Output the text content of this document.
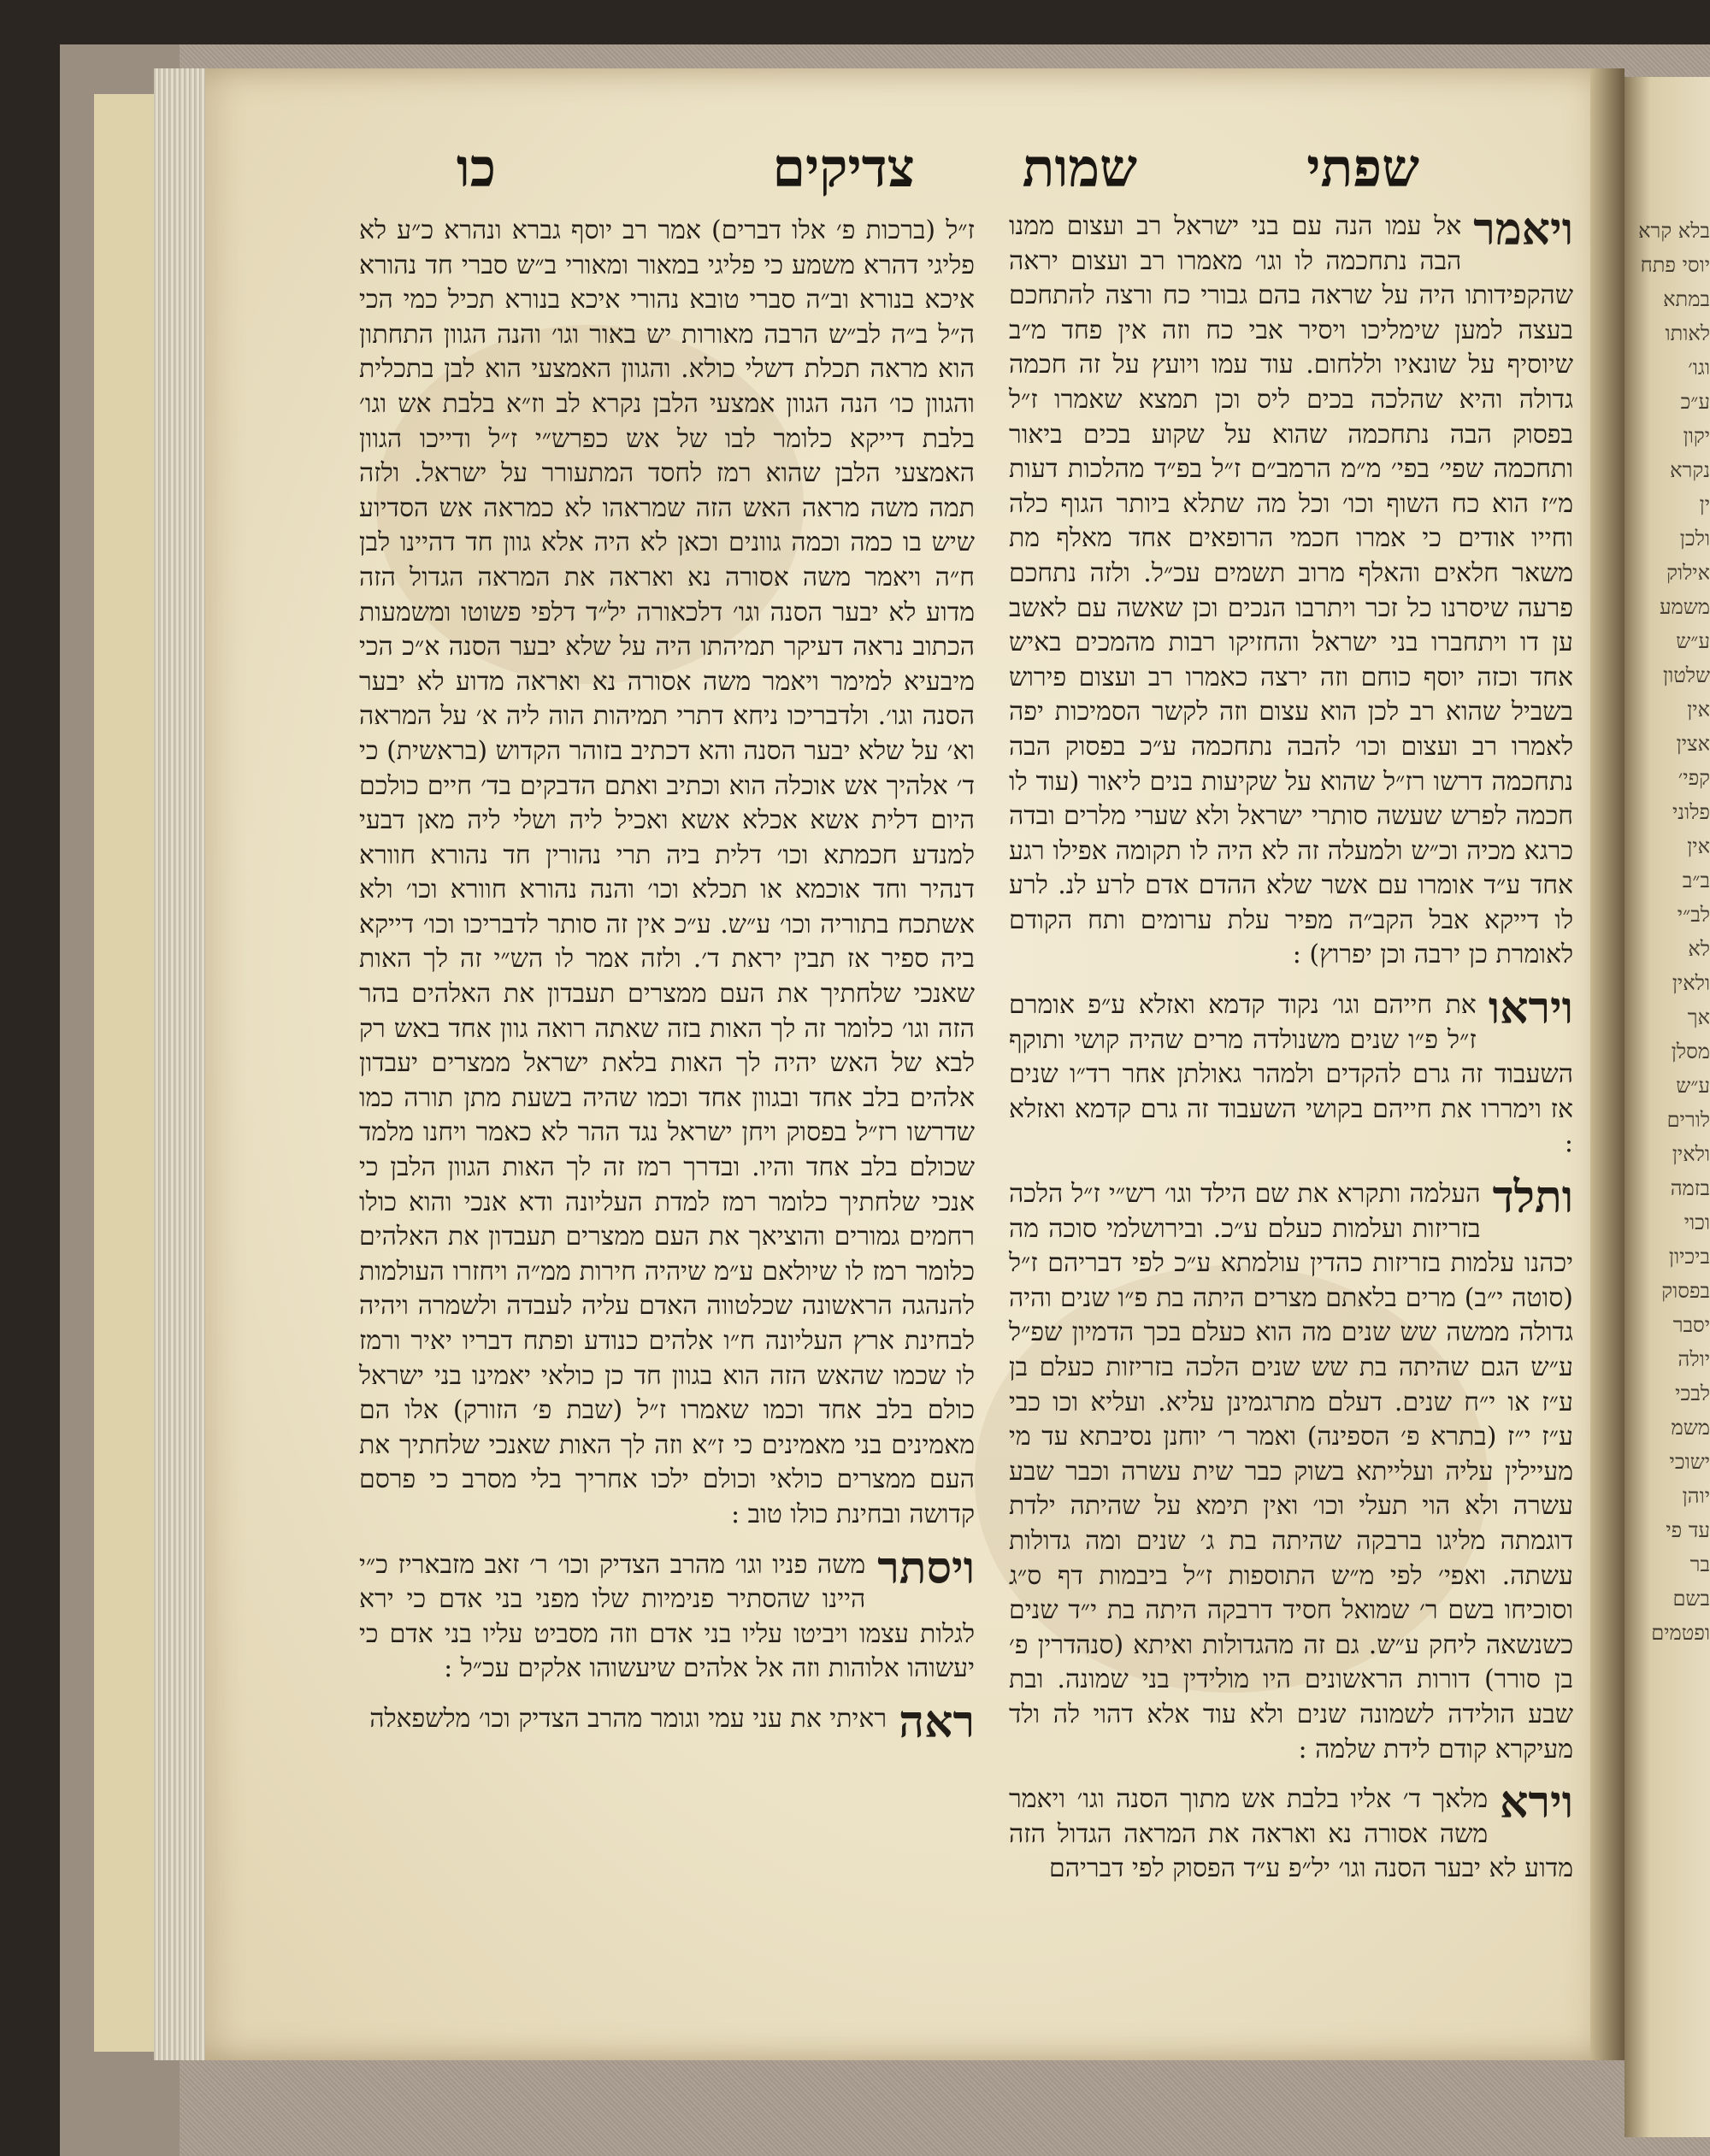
שפתי
שמות
צדיקים
כו

ויאמר
אל עמו הנה עם בני ישראל רב ועצום ממנו הבה נתחכמה לו וגו׳ מאמרו רב ועצום יראה שהקפידותו היה על שראה בהם גבורי כח ורצה להתחכם בעצה למען שימליכו ויסיר אבי כח וזה אין פחד מ״ב שיוסיף על שונאיו וללחום. עוד עמו ויועץ על זה חכמה גדולה והיא שהלכה בכים ליס וכן תמצא שאמרו ז״ל בפסוק הבה נתחכמה שהוא על שקוע בכים ביאור ותחכמה שפי׳ בפי׳ מ״מ הרמב״ם ז״ל בפ״ד מהלכות דעות מ״ז הוא כח השוף וכו׳ וכל מה שתלא ביותר הגוף כלה וחייו אודים כי אמרו חכמי הרופאים אחד מאלף מת משאר חלאים והאלף מרוב תשמים עכ״ל. ולזה נתחכם פרעה שיסרנו כל זכר ויתרבו הנכים וכן שאשה עם לאשב ען דו ויתחברו בני ישראל והחזיקו רבות מהמכים באיש אחד וכזה יוסף כוחם וזה ירצה כאמרו רב ועצום פירוש בשביל שהוא רב לכן הוא עצום וזה לקשר הסמיכות יפה לאמרו רב ועצום וכו׳ להבה נתחכמה ע״כ בפסוק הבה נתחכמה דרשו רז״ל שהוא על שקיעות בנים ליאור (עוד לו חכמה לפרש שעשה סותרי ישראל ולא שערי מלרים ובדה כרגא מכיה וכ״ש ולמעלה זה לא היה לו תקומה אפילו רגע אחד ע״ד אומרו עם אשר שלא ההדם אדם לרע לנ. לרע לו דייקא אבל הקב״ה מפיר עלת ערומים ותח הקודם לאומרת כן ירבה וכן יפרוץ) :

ויראו
את חייהם וגו׳ נקוד קדמא ואזלא ע״פ אומרם ז״ל פ״ו שנים משנולדה מרים שהיה קושי ותוקף השעבוד זה גרם להקדים ולמהר גאולתן אחר רד״ו שנים אז וימררו את חייהם בקושי השעבוד זה גרם קדמא ואזלא :

ותלד
העלמה ותקרא את שם הילד וגו׳ רש״י ז״ל הלכה בזריזות ועלמות כעלם ע״כ. ובירושלמי סוכה מה יכהנו עלמות בזריזות כהדין עולמתא ע״כ לפי דבריהם ז״ל (סוטה י״ב) מרים בלאתם מצרים היתה בת פ״ו שנים והיה גדולה ממשה שש שנים מה הוא כעלם בכך הדמיון שפ״ל ע״ש הגם שהיתה בת שש שנים הלכה בזריזות כעלם בן ע״ז או י״ח שנים. דעלם מתרגמינן עליא. ועליא וכו כבי ע״ז י״ז (בתרא פ׳ הספינה) ואמר ר׳ יוחנן נסיבתא עד מי מעיילין עליה ועלייתא בשוק כבר שית עשרה וכבר שבע עשרה ולא הוי תעלי וכו׳ ואין תימא על שהיתה ילדת דוגמתה מליגו ברבקה שהיתה בת ג׳ שנים ומה גדולות עשתה. ואפי׳ לפי מ״ש התוספות ז״ל ביבמות דף ס״ג וסוכיחו בשם ר׳ שמואל חסיד דרבקה היתה בת י״ד שנים כשנשאה ליחק ע״ש. גם זה מהגדולות ואיתא (סנהדרין פ׳ בן סורר) דורות הראשונים היו מולידין בני שמונה. ובת שבע הולידה לשמונה שנים ולא עוד אלא דהוי לה ולד מעיקרא קודם לידת שלמה :

וירא
מלאך ד׳ אליו בלבת אש מתוך הסנה וגו׳ ויאמר משה אסורה נא ואראה את המראה הגדול הזה מדוע לא יבער הסנה וגו׳ יל״פ ע״ד הפסוק לפי דבריהם

ז״ל (ברכות פ׳ אלו דברים) אמר רב יוסף גברא ונהרא כ״ע לא פליגי דהרא משמע כי פליגי במאור ומאורי ב״ש סברי חד נהורא איכא בנורא וב״ה סברי טובא נהורי איכא בנורא תכיל כמי הכי ה״ל ב״ה לב״ש הרבה מאורות יש באור וגו׳ והנה הגוון התחתון הוא מראה תכלת דשלי כולא. והגוון האמצעי הוא לבן בתכלית והגוון כו׳ הנה הגוון אמצעי הלבן נקרא לב וז״א בלבת אש וגו׳ בלבת דייקא כלומר לבו של אש כפרש״י ז״ל ודייכו הגוון האמצעי הלבן שהוא רמז לחסד המתעורר על ישראל. ולזה תמה משה מראה האש הזה שמראהו לא כמראה אש הסדיוע שיש בו כמה וכמה גוונים וכאן לא היה אלא גוון חד דהיינו לבן ח״ה ויאמר משה אסורה נא ואראה את המראה הגדול הזה מדוע לא יבער הסנה וגו׳ דלכאורה יל״ד דלפי פשוטו ומשמעות הכתוב נראה דעיקר תמיהתו היה על שלא יבער הסנה א״כ הכי מיבעיא למימר ויאמר משה אסורה נא ואראה מדוע לא יבער הסנה וגו׳. ולדבריכו ניחא דתרי תמיהות הוה ליה א׳ על המראה וא׳ על שלא יבער הסנה והא דכתיב בזוהר הקדוש (בראשית) כי ד׳ אלהיך אש אוכלה הוא וכתיב ואתם הדבקים בד׳ חיים כולכם היום דלית אשא אכלא אשא ואכיל ליה ושלי ליה מאן דבעי למנדע חכמתא וכו׳ דלית ביה תרי נהורין חד נהורא חוורא דנהיר וחד אוכמא או תכלא וכו׳ והנה נהורא חוורא וכו׳ ולא אשתכח בתוריה וכו׳ ע״ש. ע״כ אין זה סותר לדבריכו וכו׳ דייקא ביה ספיר אז תבין יראת ד׳. ולזה אמר לו הש״י זה לך האות שאנכי שלחתיך את העם ממצרים תעבדון את האלהים בהר הזה וגו׳ כלומר זה לך האות בזה שאתה רואה גוון אחד באש רק לבא של האש יהיה לך האות בלאת ישראל ממצרים יעבדון אלהים בלב אחד ובגוון אחד וכמו שהיה בשעת מתן תורה כמו שדרשו רז״ל בפסוק ויחן ישראל נגד ההר לא כאמר ויחנו מלמד שכולם בלב אחד והיו. ובדרך רמז זה לך האות הגוון הלבן כי אנכי שלחתיך כלומר רמז למדת העליונה ודא אנכי והוא כולו רחמים גמורים והוציאך את העם ממצרים תעבדון את האלהים כלומר רמז לו שיולאם ע״מ שיהיה חירות ממ״ה ויחזרו העולמות להנהגה הראשונה שכלטווה האדם עליה לעבדה ולשמרה ויהיה לבחינת ארץ העליונה ח״ו אלהים כנודע ופתח דבריו יאיר ורמז לו שכמו שהאש הזה הוא בגוון חד כן כולאי יאמינו בני ישראל כולם בלב אחד וכמו שאמרו ז״ל (שבת פ׳ הזורק) אלו הם מאמינים בני מאמינים כי ז״א וזה לך האות שאנכי שלחתיך את העם ממצרים כולאי וכולם ילכו אחריך בלי מסרב כי פרסם קדושה ובחינת כולו טוב :

ויסתר
משה פניו וגו׳ מהרב הצדיק וכו׳ ר׳ זאב מזבאריז כ״י היינו שהסתיר פנימיות שלו מפני בני אדם כי ירא לגלות עצמו ויביטו עליו בני אדם וזה מסביט עליו בני אדם כי יעשוהו אלוהות וזה אל אלהים שיעשוהו אלקים עכ״ל :

ראה
ראיתי את עני עמי וגומר מהרב הצדיק וכו׳ מלשפאלה

בלא קרא
יוסי פתח
במתא
לאותו
וגו׳
ע״כ
יקון
נקרא
ין
ולכן
אילוק
משמע
ע״ש
שלטון
אין
אצין
קפי׳
פלוני
אין
ב״ב
לב״י
לא
ולאין
אך
מסלן
ע״ש
לורים
ולאין
בזמה
וכוי
ביכיון
בפסוק
יסבר
יולה
לבכי
משמ
ישוכי
יוהן
עד פי
בר
בשם
ופטמים
